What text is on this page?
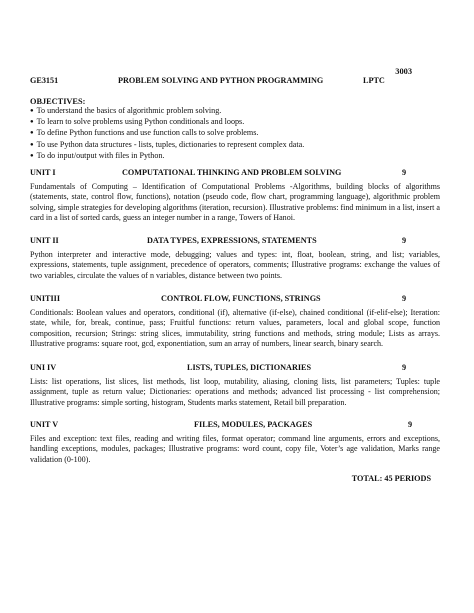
3003
GE3151	PROBLEM SOLVING AND PYTHON PROGRAMMING	LPTC
OBJECTIVES:
● To understand the basics of algorithmic problem solving.
● To learn to solve problems using Python conditionals and loops.
● To define Python functions and use function calls to solve problems.
● To use Python data structures - lists, tuples, dictionaries to represent complex data.
● To do input/output with files in Python.
UNIT I	COMPUTATIONAL THINKING AND PROBLEM SOLVING	9
Fundamentals of Computing – Identification of Computational Problems -Algorithms, building blocks of algorithms (statements, state, control flow, functions), notation (pseudo code, flow chart, programming language), algorithmic problem solving, simple strategies for developing algorithms (iteration, recursion). Illustrative problems: find minimum in a list, insert a card in a list of sorted cards, guess an integer number in a range, Towers of Hanoi.
UNIT II	DATA TYPES, EXPRESSIONS, STATEMENTS	9
Python interpreter and interactive mode, debugging; values and types: int, float, boolean, string, and list; variables, expressions, statements, tuple assignment, precedence of operators, comments; Illustrative programs: exchange the values of two variables, circulate the values of n variables, distance between two points.
UNITIII	CONTROL FLOW, FUNCTIONS, STRINGS	9
Conditionals: Boolean values and operators, conditional (if), alternative (if-else), chained conditional (if-elif-else); Iteration: state, while, for, break, continue, pass; Fruitful functions: return values, parameters, local and global scope, function composition, recursion; Strings: string slices, immutability, string functions and methods, string module; Lists as arrays. Illustrative programs: square root, gcd, exponentiation, sum an array of numbers, linear search, binary search.
UNI IV	LISTS, TUPLES, DICTIONARIES	9
Lists: list operations, list slices, list methods, list loop, mutability, aliasing, cloning lists, list parameters; Tuples: tuple assignment, tuple as return value; Dictionaries: operations and methods; advanced list processing - list comprehension; Illustrative programs: simple sorting, histogram, Students marks statement, Retail bill preparation.
UNIT V	FILES, MODULES, PACKAGES	9
Files and exception: text files, reading and writing files, format operator; command line arguments, errors and exceptions, handling exceptions, modules, packages; Illustrative programs: word count, copy file, Voter’s age validation, Marks range validation (0-100).
TOTAL: 45 PERIODS
